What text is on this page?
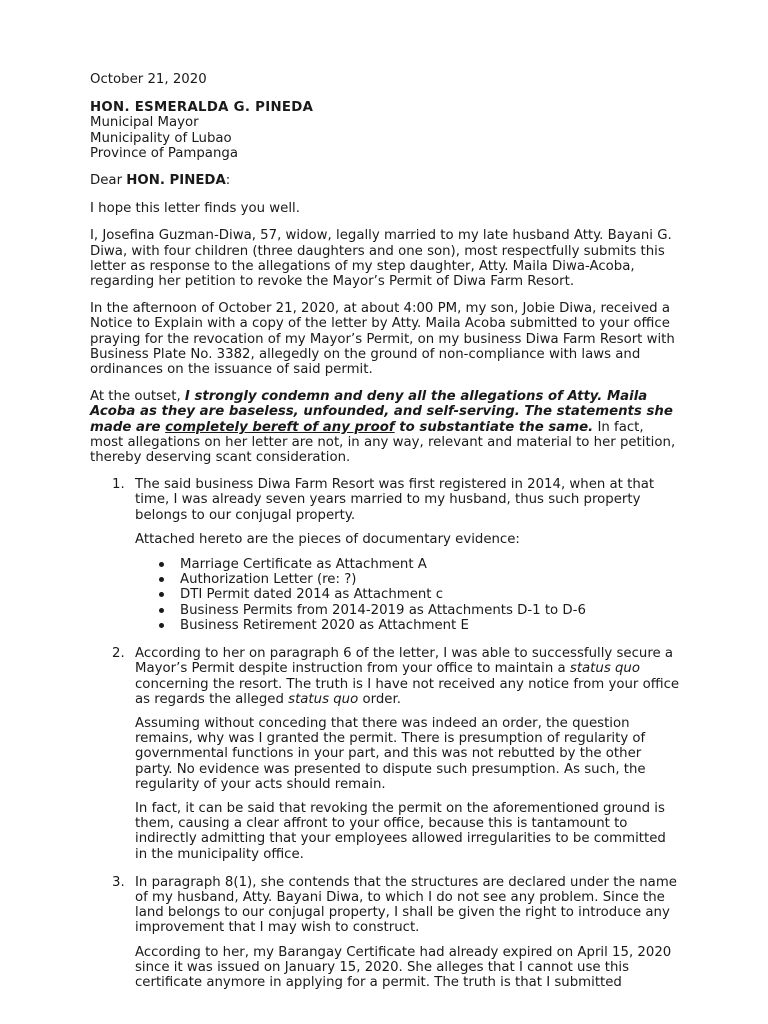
October 21, 2020

HON. ESMERALDA G. PINEDA

Municipal Mayor

Municipality of Lubao

Province of Pampanga

Dear HON. PINEDA:

I hope this letter finds you well.

I, Josefina Guzman-Diwa, 57, widow, legally married to my late husband Atty. Bayani G. Diwa, with four children (three daughters and one son), most respectfully submits this letter as response to the allegations of my step daughter, Atty. Maila Diwa-Acoba, regarding her petition to revoke the Mayor’s Permit of Diwa Farm Resort.

In the afternoon of October 21, 2020, at about 4:00 PM, my son, Jobie Diwa, received a Notice to Explain with a copy of the letter by Atty. Maila Acoba submitted to your office praying for the revocation of my Mayor’s Permit, on my business Diwa Farm Resort with Business Plate No. 3382, allegedly on the ground of non-compliance with laws and ordinances on the issuance of said permit.

At the outset, I strongly condemn and deny all the allegations of Atty. Maila Acoba as they are baseless, unfounded, and self-serving. The statements she made are completely bereft of any proof to substantiate the same. In fact, most allegations on her letter are not, in any way, relevant and material to her petition, thereby deserving scant consideration.

1. The said business Diwa Farm Resort was first registered in 2014, when at that time, I was already seven years married to my husband, thus such property belongs to our conjugal property.

Attached hereto are the pieces of documentary evidence:

Marriage Certificate as Attachment A
Authorization Letter (re: ?)
DTI Permit dated 2014 as Attachment c
Business Permits from 2014-2019 as Attachments D-1 to D-6
Business Retirement 2020 as Attachment E
2. According to her on paragraph 6 of the letter, I was able to successfully secure a Mayor’s Permit despite instruction from your office to maintain a status quo concerning the resort. The truth is I have not received any notice from your office as regards the alleged status quo order.

Assuming without conceding that there was indeed an order, the question remains, why was I granted the permit. There is presumption of regularity of governmental functions in your part, and this was not rebutted by the other party. No evidence was presented to dispute such presumption. As such, the regularity of your acts should remain.

In fact, it can be said that revoking the permit on the aforementioned ground is them, causing a clear affront to your office, because this is tantamount to indirectly admitting that your employees allowed irregularities to be committed in the municipality office.

3. In paragraph 8(1), she contends that the structures are declared under the name of my husband, Atty. Bayani Diwa, to which I do not see any problem. Since the land belongs to our conjugal property, I shall be given the right to introduce any improvement that I may wish to construct.

According to her, my Barangay Certificate had already expired on April 15, 2020 since it was issued on January 15, 2020. She alleges that I cannot use this certificate anymore in applying for a permit. The truth is that I submitted
